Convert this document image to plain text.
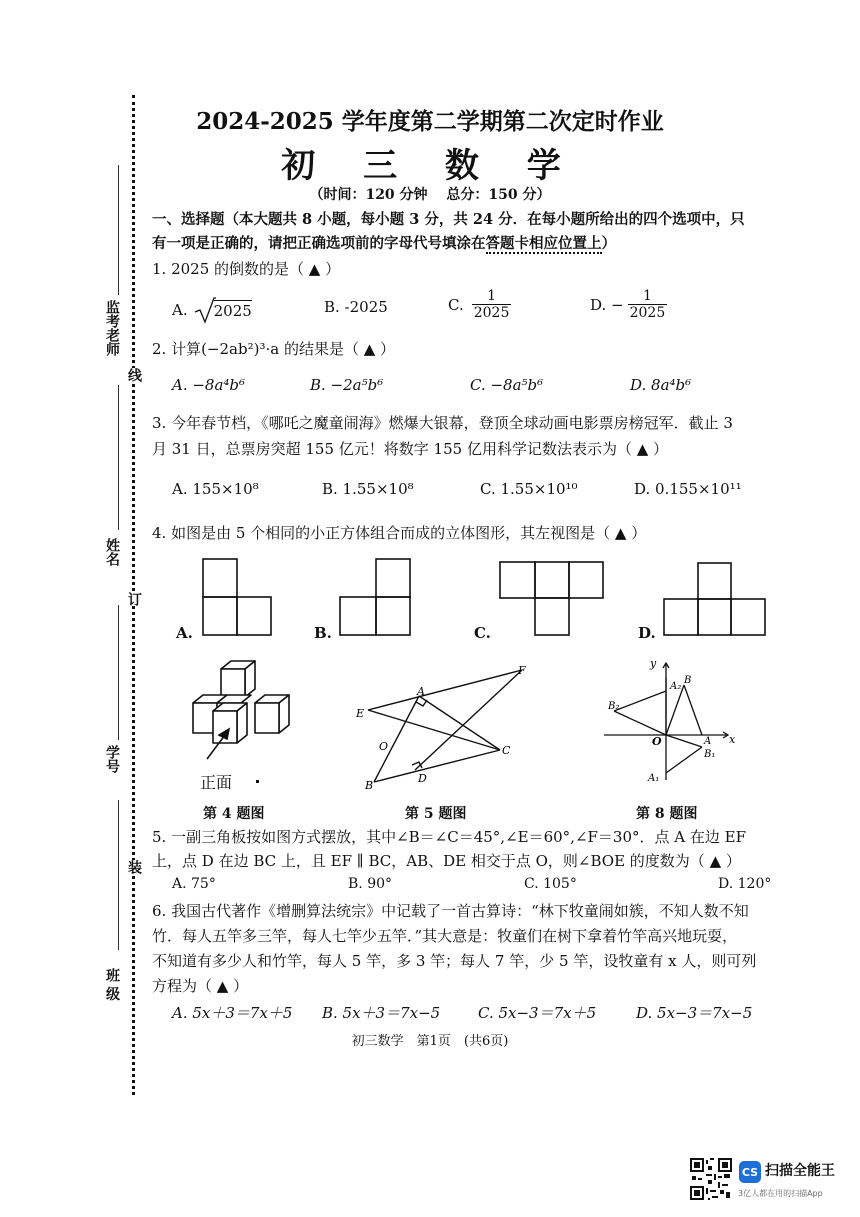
监考老师
线
姓名
订
学号
装
班 级
2024-2025 学年度第二学期第二次定时作业
初 三 数 学
（时间：120 分钟　 总分：150 分）
一、选择题（本大题共 8 小题，每小题 3 分，共 24 分．在每小题所给出的四个选项中，只
有一项是正确的，请把正确选项前的字母代号填涂在答题卡相应位置上）
1. 2025 的倒数的是（ ▲ ）
A. 2025	B. -2025	C. $\frac{1}{2025}$	D. − $\frac{1}{2025}$
2. 计算(−2ab²)³·a 的结果是（ ▲ ）
A. −8a⁴b⁶	B. −2a⁵b⁶	C. −8a⁵b⁶	D. 8a⁴b⁶
3. 今年春节档，《哪吒之魔童闹海》燃爆大银幕，登顶全球动画电影票房榜冠军．截止 3
月 31 日，总票房突超 155 亿元！将数字 155 亿用科学记数法表示为（ ▲ ）
A. 155×10⁸	B. 1.55×10⁸	C. 1.55×10¹⁰	D. 0.155×10¹¹
4. 如图是由 5 个相同的小正方体组合而成的立体图形，其左视图是（ ▲ ）
A.	B.	C.	D.
正面
A
B
C
D
E
F
O
y
x
O	A
A₁
A₂
B
B₁
B₂
第 4 题图	第 5 题图	第 8 题图
5. 一副三角板按如图方式摆放，其中∠B＝∠C＝45°,∠E＝60°,∠F＝30°．点 A 在边 EF
上，点 D 在边 BC 上，且 EF ∥ BC，AB、DE 相交于点 O，则∠BOE 的度数为（ ▲ ）
A. 75°	B. 90°	C. 105°	D. 120°
6. 我国古代著作《增删算法统宗》中记载了一首古算诗：“林下牧童闹如簇，不知人数不知
竹．每人五竿多三竿，每人七竿少五竿．”其大意是：牧童们在树下拿着竹竿高兴地玩耍，
不知道有多少人和竹竿，每人 5 竿，多 3 竿；每人 7 竿，少 5 竿，设牧童有 x 人，则可列
方程为（ ▲ ）
A. 5x＋3＝7x＋5 B. 5x＋3＝7x−5	C. 5x−3＝7x＋5	D. 5x−3＝7x−5
初三数学　第1页　(共6页)
CS 扫描全能王
3亿人都在用的扫描App
